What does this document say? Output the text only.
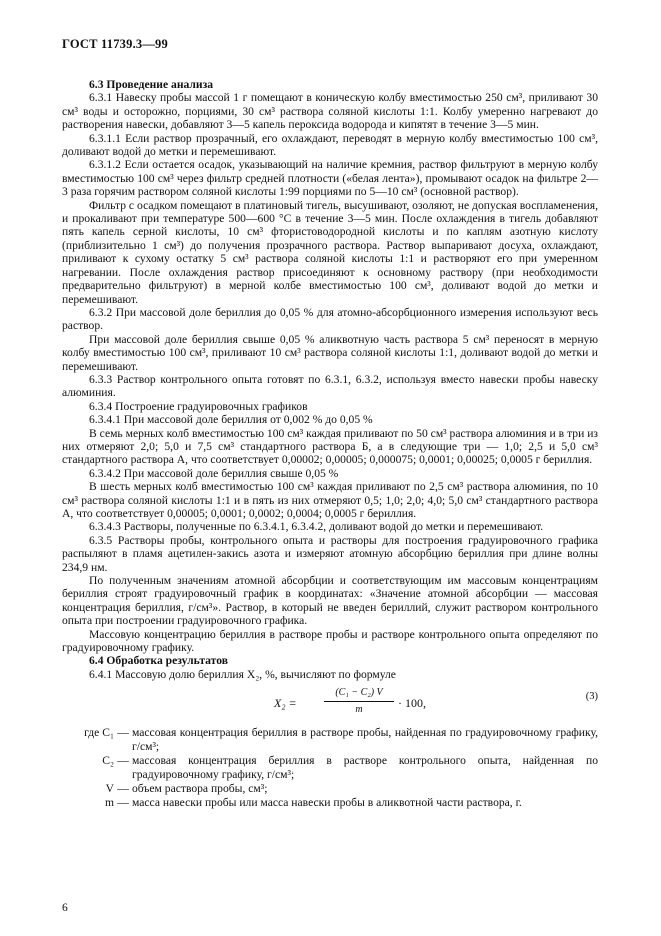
ГОСТ 11739.3—99

6.3 Проведение анализа

6.3.1 Навеску пробы массой 1 г помещают в коническую колбу вместимостью 250 см³, приливают 30 см³ воды и осторожно, порциями, 30 см³ раствора соляной кислоты 1:1. Колбу умеренно нагревают до растворения навески, добавляют 3—5 капель пероксида водорода и кипятят в течение 3—5 мин.

6.3.1.1 Если раствор прозрачный, его охлаждают, переводят в мерную колбу вместимостью 100 см³, доливают водой до метки и перемешивают.

6.3.1.2 Если остается осадок, указывающий на наличие кремния, раствор фильтруют в мерную колбу вместимостью 100 см³ через фильтр средней плотности («белая лента»), промывают осадок на фильтре 2—3 раза горячим раствором соляной кислоты 1:99 порциями по 5—10 см³ (основной раствор).

Фильтр с осадком помещают в платиновый тигель, высушивают, озоляют, не допуская воспламенения, и прокаливают при температуре 500—600 °С в течение 3—5 мин. После охлаждения в тигель добавляют пять капель серной кислоты, 10 см³ фтористоводородной кислоты и по каплям азотную кислоту (приблизительно 1 см³) до получения прозрачного раствора. Раствор выпаривают досуха, охлаждают, приливают к сухому остатку 5 см³ раствора соляной кислоты 1:1 и растворяют его при умеренном нагревании. После охлаждения раствор присоединяют к основному раствору (при необходимости предварительно фильтруют) в мерной колбе вместимостью 100 см³, доливают водой до метки и перемешивают.

6.3.2 При массовой доле бериллия до 0,05 % для атомно-абсорбционного измерения используют весь раствор.

При массовой доле бериллия свыше 0,05 % аликвотную часть раствора 5 см³ переносят в мерную колбу вместимостью 100 см³, приливают 10 см³ раствора соляной кислоты 1:1, доливают водой до метки и перемешивают.

6.3.3 Раствор контрольного опыта готовят по 6.3.1, 6.3.2, используя вместо навески пробы навеску алюминия.

6.3.4 Построение градуировочных графиков

6.3.4.1 При массовой доле бериллия от 0,002 % до 0,05 %

В семь мерных колб вместимостью 100 см³ каждая приливают по 50 см³ раствора алюминия и в три из них отмеряют 2,0; 5,0 и 7,5 см³ стандартного раствора Б, а в следующие три — 1,0; 2,5 и 5,0 см³ стандартного раствора А, что соответствует 0,00002; 0,00005; 0,000075; 0,0001; 0,00025; 0,0005 г бериллия.

6.3.4.2 При массовой доле бериллия свыше 0,05 %

В шесть мерных колб вместимостью 100 см³ каждая приливают по 2,5 см³ раствора алюминия, по 10 см³ раствора соляной кислоты 1:1 и в пять из них отмеряют 0,5; 1,0; 2,0; 4,0; 5,0 см³ стандартного раствора А, что соответствует 0,00005; 0,0001; 0,0002; 0,0004; 0,0005 г бериллия.

6.3.4.3 Растворы, полученные по 6.3.4.1, 6.3.4.2, доливают водой до метки и перемешивают.

6.3.5 Растворы пробы, контрольного опыта и растворы для построения градуировочного графика распыляют в пламя ацетилен-закись азота и измеряют атомную абсорбцию бериллия при длине волны 234,9 нм.

По полученным значениям атомной абсорбции и соответствующим им массовым концентрациям бериллия строят градуировочный график в координатах: «Значение атомной абсорбции — массовая концентрация бериллия, г/см³». Раствор, в который не введен бериллий, служит раствором контрольного опыта при построении градуировочного графика.

Массовую концентрацию бериллия в растворе пробы и растворе контрольного опыта определяют по градуировочному графику.

6.4 Обработка результатов

6.4.1 Массовую долю бериллия X₂, %, вычисляют по формуле

X₂ =	$\frac{\text{(C₁ − C₂) V}}{m} \cdot 100$,	(3)
где C₁ — массовая концентрация бериллия в растворе пробы, найденная по градуировочному графику, г/см³;
C₂ — массовая концентрация бериллия в растворе контрольного опыта, найденная по градуировочному графику, г/см³;
V — объем раствора пробы, см³;
m — масса навески пробы или масса навески пробы в аликвотной части раствора, г.
6
